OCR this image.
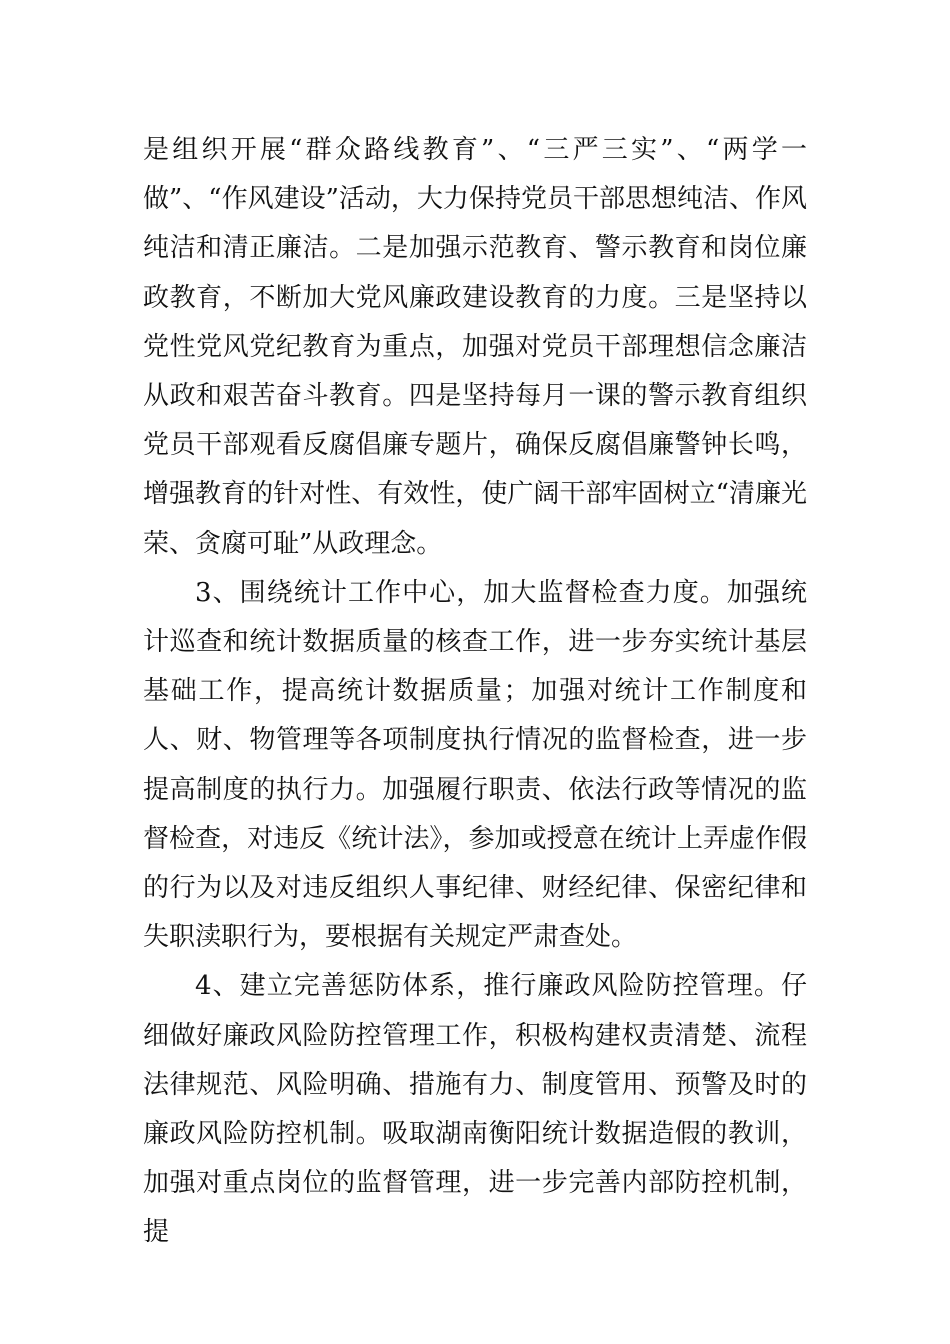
是组织开展“群众路线教育”、“三严三实”、“两学一做”、“作风建设”活动，大力保持党员干部思想纯洁、作风纯洁和清正廉洁。二是加强示范教育、警示教育和岗位廉政教育，不断加大党风廉政建设教育的力度。三是坚持以党性党风党纪教育为重点，加强对党员干部理想信念廉洁从政和艰苦奋斗教育。四是坚持每月一课的警示教育组织党员干部观看反腐倡廉专题片，确保反腐倡廉警钟长鸣，增强教育的针对性、有效性，使广阔干部牢固树立“清廉光荣、贪腐可耻”从政理念。

3、围绕统计工作中心，加大监督检查力度。加强统计巡查和统计数据质量的核查工作，进一步夯实统计基层基础工作，提高统计数据质量；加强对统计工作制度和人、财、物管理等各项制度执行情况的监督检查，进一步提高制度的执行力。加强履行职责、依法行政等情况的监督检查，对违反《统计法》，参加或授意在统计上弄虚作假的行为以及对违反组织人事纪律、财经纪律、保密纪律和失职渎职行为，要根据有关规定严肃查处。

4、建立完善惩防体系，推行廉政风险防控管理。仔细做好廉政风险防控管理工作，积极构建权责清楚、流程法律规范、风险明确、措施有力、制度管用、预警及时的廉政风险防控机制。吸取湖南衡阳统计数据造假的教训，加强对重点岗位的监督管理，进一步完善内部防控机制，提
